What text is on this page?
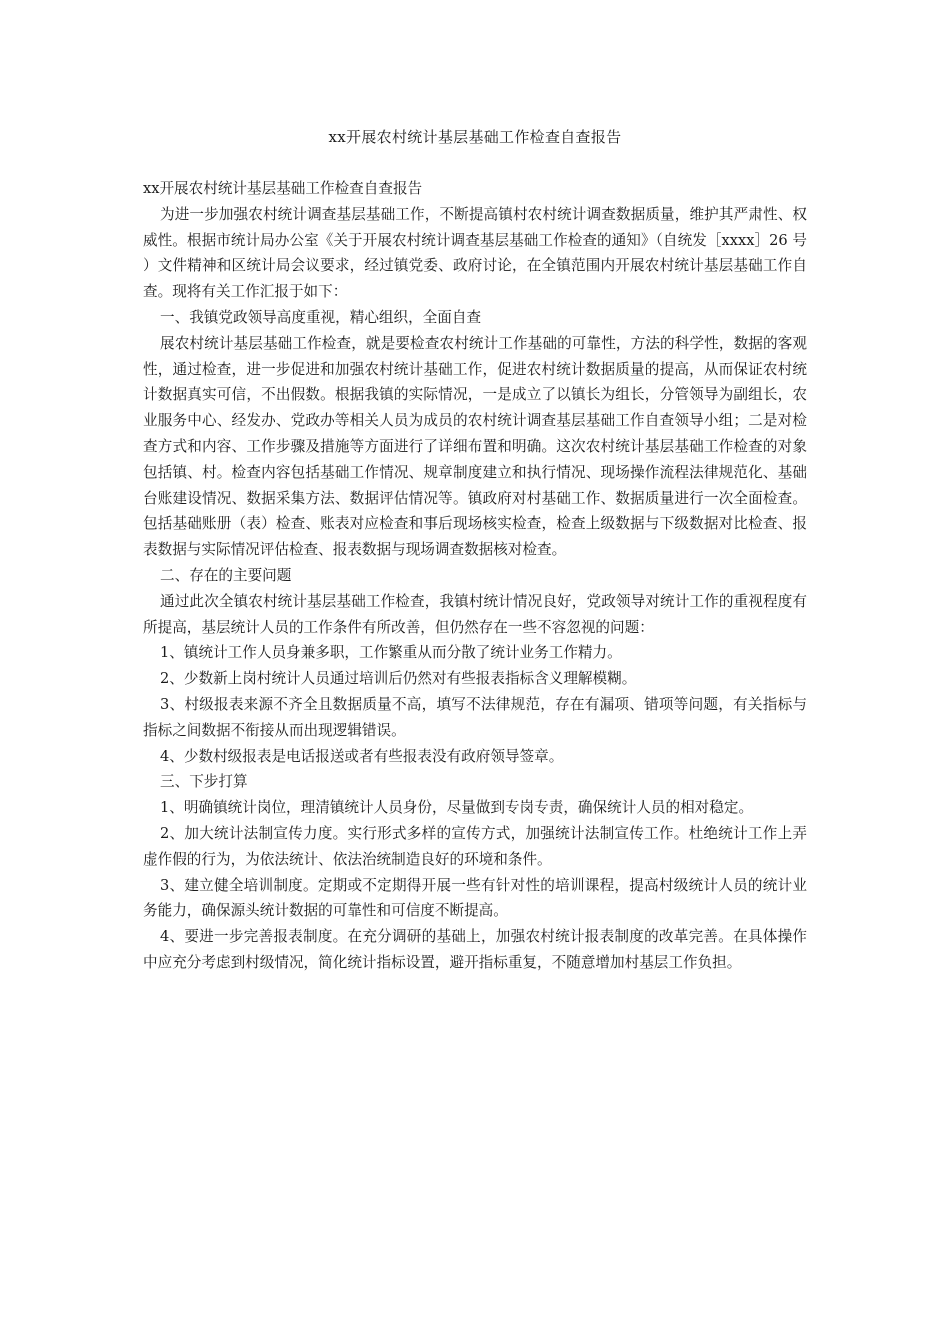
xx开展农村统计基层基础工作检查自查报告

xx开展农村统计基层基础工作检查自查报告

为进一步加强农村统计调查基层基础工作，不断提高镇村农村统计调查数据质量，维护其严肃性、权威性。根据市统计局办公室《关于开展农村统计调查基层基础工作检查的通知》（自统发［xxxx］26 号）文件精神和区统计局会议要求，经过镇党委、政府讨论，在全镇范围内开展农村统计基层基础工作自查。现将有关工作汇报于如下：

一、我镇党政领导高度重视，精心组织，全面自查

展农村统计基层基础工作检查，就是要检查农村统计工作基础的可靠性，方法的科学性，数据的客观性，通过检查，进一步促进和加强农村统计基础工作，促进农村统计数据质量的提高，从而保证农村统计数据真实可信，不出假数。根据我镇的实际情况，一是成立了以镇长为组长，分管领导为副组长，农业服务中心、经发办、党政办等相关人员为成员的农村统计调查基层基础工作自查领导小组；二是对检查方式和内容、工作步骤及措施等方面进行了详细布置和明确。这次农村统计基层基础工作检查的对象包括镇、村。检查内容包括基础工作情况、规章制度建立和执行情况、现场操作流程法律规范化、基础台账建设情况、数据采集方法、数据评估情况等。镇政府对村基础工作、数据质量进行一次全面检查。包括基础账册（表）检查、账表对应检查和事后现场核实检查，检查上级数据与下级数据对比检查、报表数据与实际情况评估检查、报表数据与现场调查数据核对检查。

二、存在的主要问题

通过此次全镇农村统计基层基础工作检查，我镇村统计情况良好，党政领导对统计工作的重视程度有所提高，基层统计人员的工作条件有所改善，但仍然存在一些不容忽视的问题：

1、镇统计工作人员身兼多职，工作繁重从而分散了统计业务工作精力。

2、少数新上岗村统计人员通过培训后仍然对有些报表指标含义理解模糊。

3、村级报表来源不齐全且数据质量不高，填写不法律规范，存在有漏项、错项等问题，有关指标与指标之间数据不衔接从而出现逻辑错误。

4、少数村级报表是电话报送或者有些报表没有政府领导签章。

三、下步打算

1、明确镇统计岗位，理清镇统计人员身份，尽量做到专岗专责，确保统计人员的相对稳定。

2、加大统计法制宣传力度。实行形式多样的宣传方式，加强统计法制宣传工作。杜绝统计工作上弄虚作假的行为，为依法统计、依法治统制造良好的环境和条件。

3、建立健全培训制度。定期或不定期得开展一些有针对性的培训课程，提高村级统计人员的统计业务能力，确保源头统计数据的可靠性和可信度不断提高。

4、要进一步完善报表制度。在充分调研的基础上，加强农村统计报表制度的改革完善。在具体操作中应充分考虑到村级情况，简化统计指标设置，避开指标重复，不随意增加村基层工作负担。
